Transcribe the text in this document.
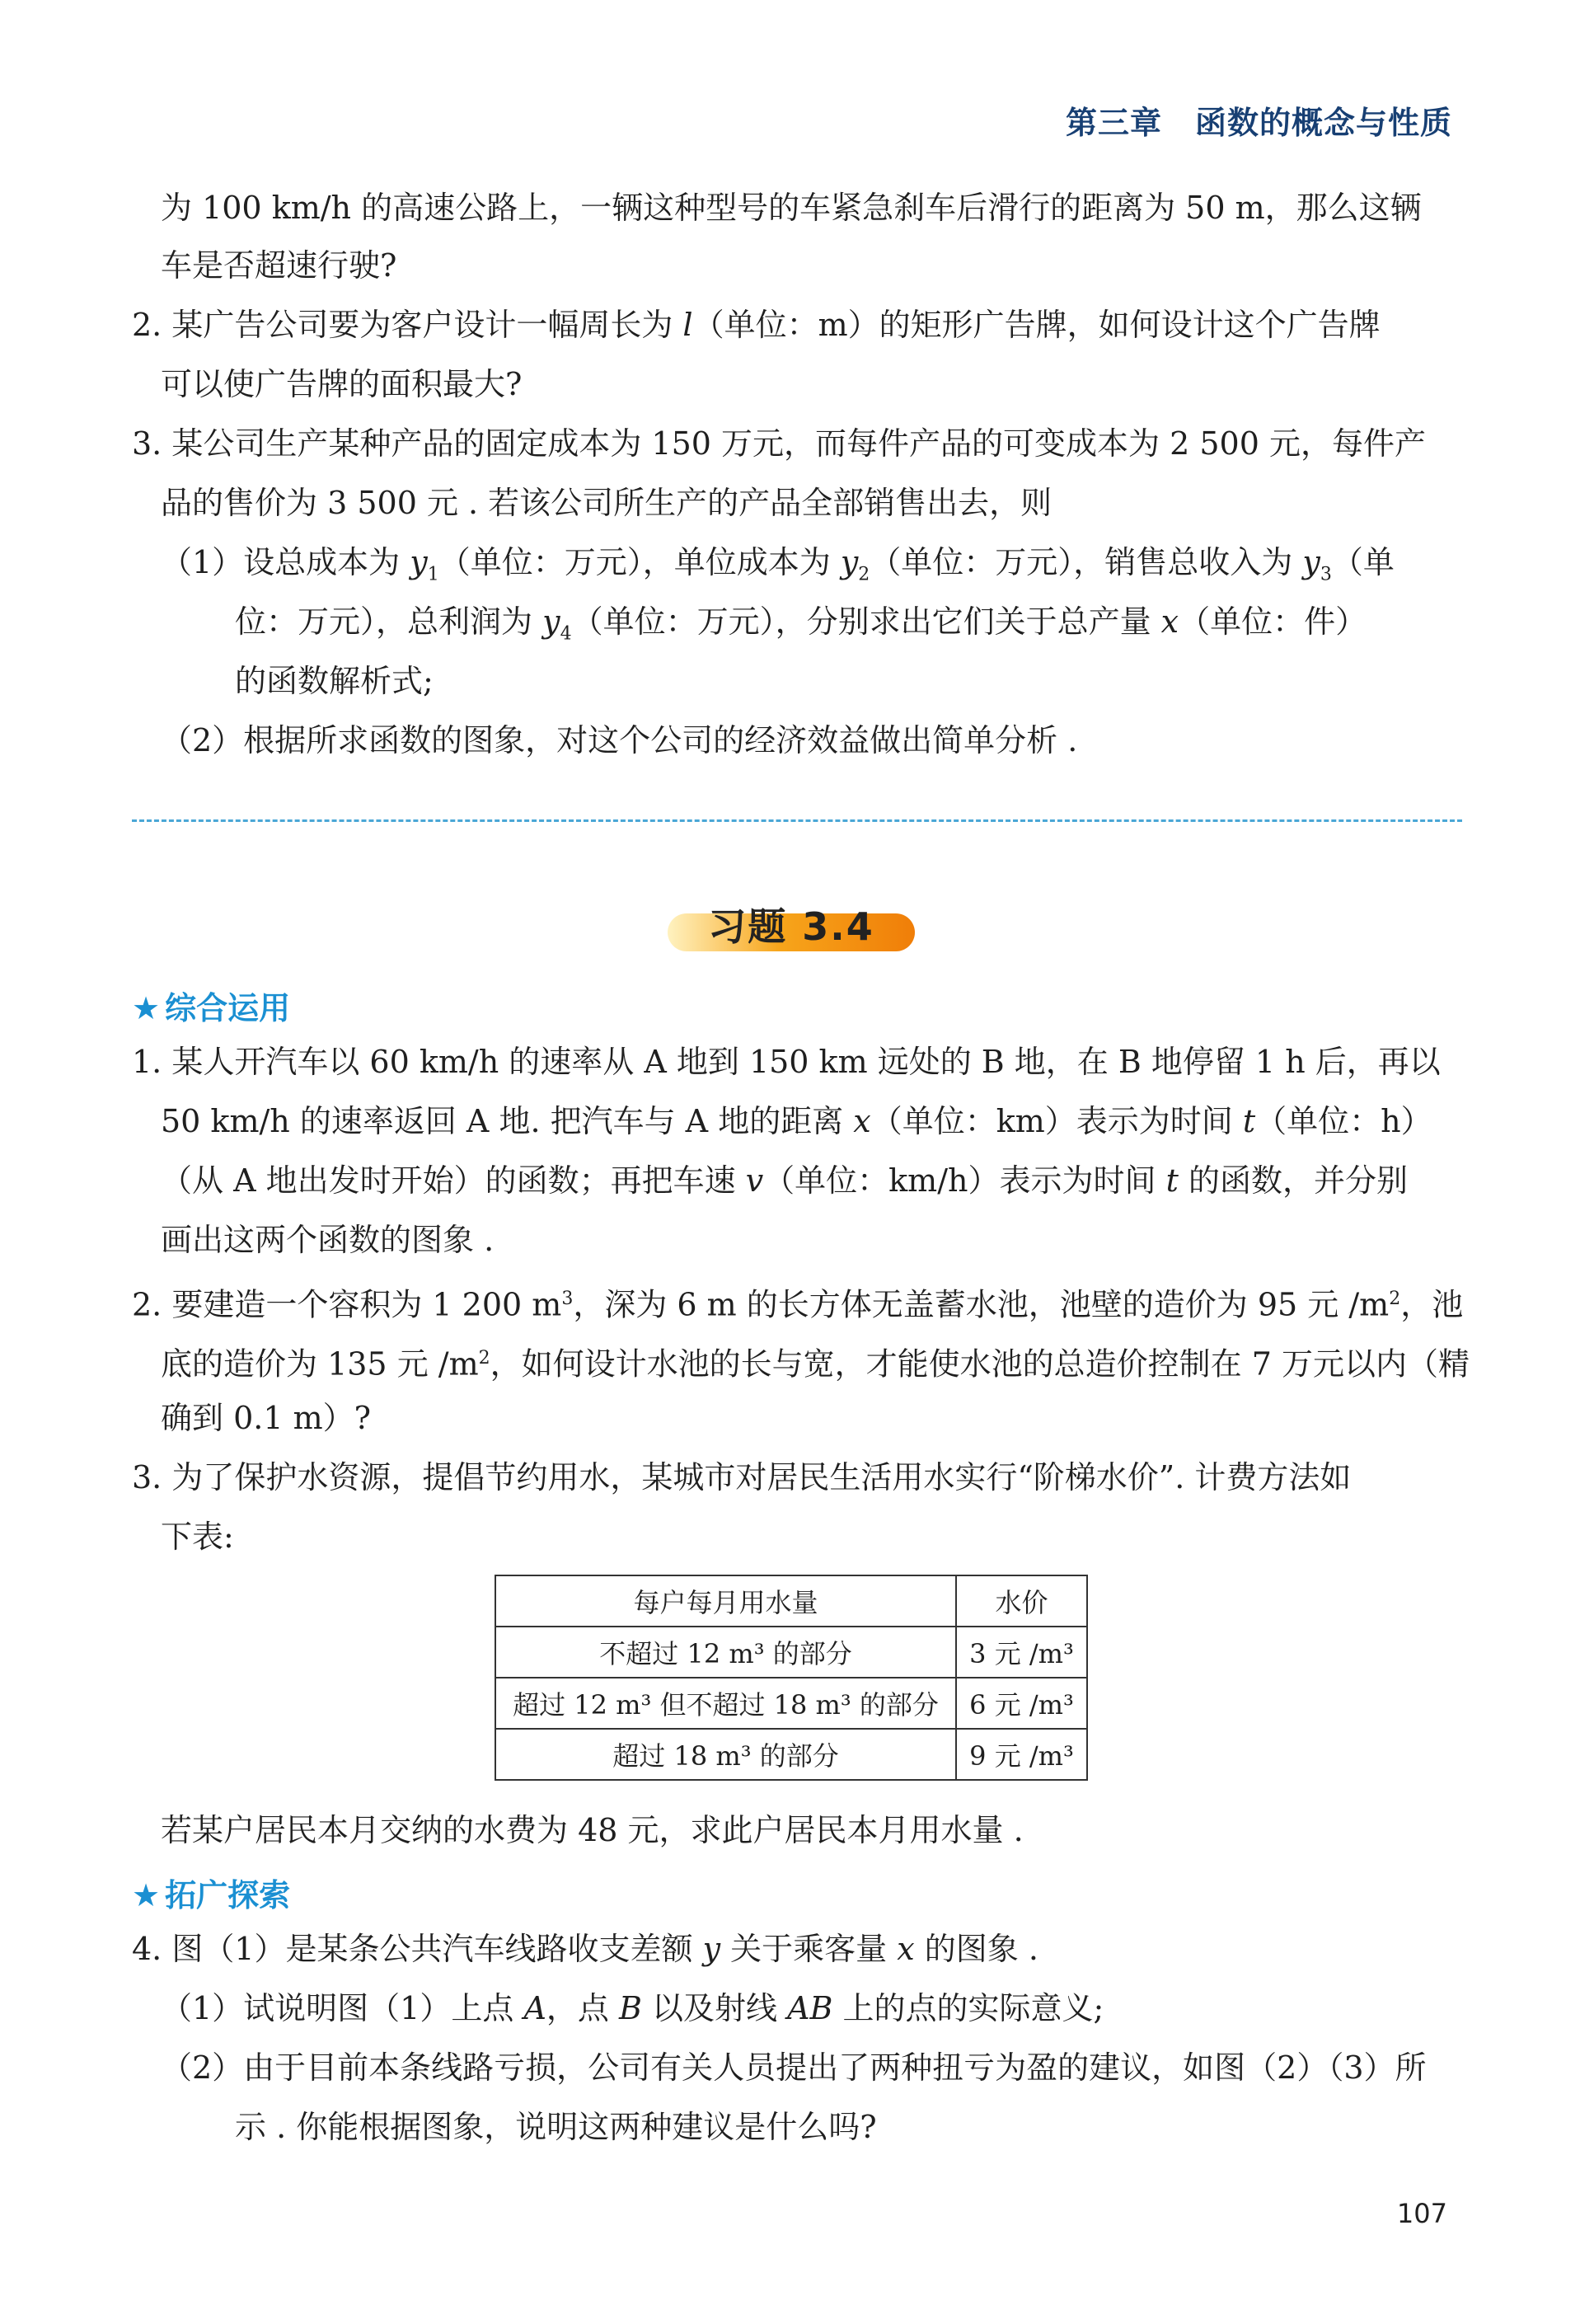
第三章 函数的概念与性质
为 100 km/h 的高速公路上，一辆这种型号的车紧急刹车后滑行的距离为 50 m，那么这辆
车是否超速行驶?
2. 某广告公司要为客户设计一幅周长为 l（单位：m）的矩形广告牌，如何设计这个广告牌
可以使广告牌的面积最大?
3. 某公司生产某种产品的固定成本为 150 万元，而每件产品的可变成本为 2 500 元，每件产
品的售价为 3 500 元 . 若该公司所生产的产品全部销售出去，则
（1）设总成本为 $y_1$（单位：万元），单位成本为 $y_2$（单位：万元），销售总收入为 $y_3$（单
位：万元），总利润为 $y_4$（单位：万元），分别求出它们关于总产量 x（单位：件）
的函数解析式;
（2）根据所求函数的图象，对这个公司的经济效益做出简单分析 .
习题 3.4
★ 综合运用
1. 某人开汽车以 60 km/h 的速率从 A 地到 150 km 远处的 B 地，在 B 地停留 1 h 后，再以
50 km/h 的速率返回 A 地. 把汽车与 A 地的距离 x（单位：km）表示为时间 t（单位：h）
（从 A 地出发时开始）的函数；再把车速 v（单位：km/h）表示为时间 t 的函数，并分别
画出这两个函数的图象 .
2. 要建造一个容积为 1 200 $m^3$，深为 6 m 的长方体无盖蓄水池，池壁的造价为 95 元 $/m^2$，池
底的造价为 135 元 $/m^2$，如何设计水池的长与宽，才能使水池的总造价控制在 7 万元以内（精
确到 0.1 m）?
3. 为了保护水资源，提倡节约用水，某城市对居民生活用水实行“阶梯水价”. 计费方法如
下表:
每户每月用水量	水价
不超过 12 m³ 的部分	3 元 /m³
超过 12 m³ 但不超过 18 m³ 的部分	6 元 /m³
超过 18 m³ 的部分	9 元 /m³
若某户居民本月交纳的水费为 48 元，求此户居民本月用水量 .
★ 拓广探索
4. 图（1）是某条公共汽车线路收支差额 y 关于乘客量 x 的图象 .
（1）试说明图（1）上点 A，点 B 以及射线 AB 上的点的实际意义;
（2）由于目前本条线路亏损，公司有关人员提出了两种扭亏为盈的建议，如图（2）（3）所
示 . 你能根据图象，说明这两种建议是什么吗?
107
